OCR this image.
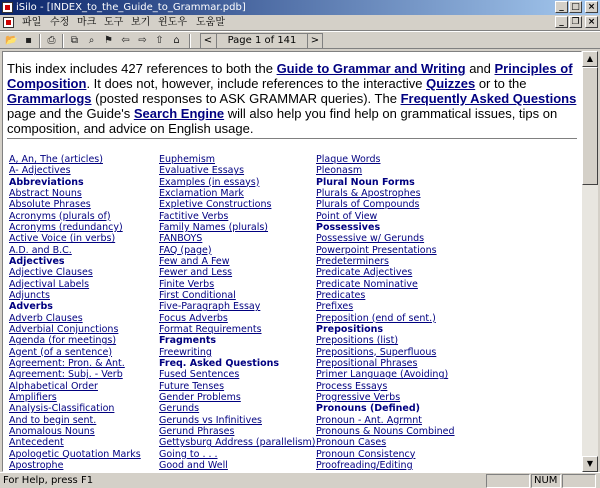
iSilo - [INDEX_to_the_Guide_to_Grammar.pdb]	_ □ ×
파일 수정 마크 도구 보기 윈도우 도움말	_ ❐ ×
📂 ▪	⎙	⧉	⌕ ⚑ ⇦ ⇨ ⇧ ⌂	<	Page 1 of 141	>
This index includes 427 references to both the Guide to Grammar and Writing and Principles of Composition. It does not, however, include references to the interactive Quizzes or to the Grammarlogs (posted responses to ASK GRAMMAR queries). The Frequently Asked Questions page and the Guide's Search Engine will also help you find help on grammatical issues, tips on composition, and advice on English usage.
A, An, The (articles)
A- Adjectives
Abbreviations
Abstract Nouns
Absolute Phrases
Acronyms (plurals of)
Acronyms (redundancy)
Active Voice (in verbs)
A.D. and B.C.
Adjectives
Adjective Clauses
Adjectival Labels
Adjuncts
Adverbs
Adverb Clauses
Adverbial Conjunctions
Agenda (for meetings)
Agent (of a sentence)
Agreement: Pron. & Ant.
Agreement: Subj. - Verb
Alphabetical Order
Amplifiers
Analysis-Classification
And to begin sent.
Anomalous Nouns
Antecedent
Apologetic Quotation Marks
Apostrophe
Euphemism
Evaluative Essays
Examples (in essays)
Exclamation Mark
Expletive Constructions
Factitive Verbs
Family Names (plurals)
FANBOYS
FAQ (page)
Few and A Few
Fewer and Less
Finite Verbs
First Conditional
Five-Paragraph Essay
Focus Adverbs
Format Requirements
Fragments
Freewriting
Freq. Asked Questions
Fused Sentences
Future Tenses
Gender Problems
Gerunds
Gerunds vs Infinitives
Gerund Phrases
Gettysburg Address (parallelism)
Going to . . .
Good and Well
Plaque Words
Pleonasm
Plural Noun Forms
Plurals & Apostrophes
Plurals of Compounds
Point of View
Possessives
Possessive w/ Gerunds
Powerpoint Presentations
Predeterminers
Predicate Adjectives
Predicate Nominative
Predicates
Prefixes
Preposition (end of sent.)
Prepositions
Prepositions (list)
Prepositions, Superfluous
Prepositional Phrases
Primer Language (Avoiding)
Process Essays
Progressive Verbs
Pronouns (Defined)
Pronoun - Ant. Agrmnt
Pronouns & Nouns Combined
Pronoun Cases
Pronoun Consistency
Proofreading/Editing
▲
▼
For Help, press F1	NUM
